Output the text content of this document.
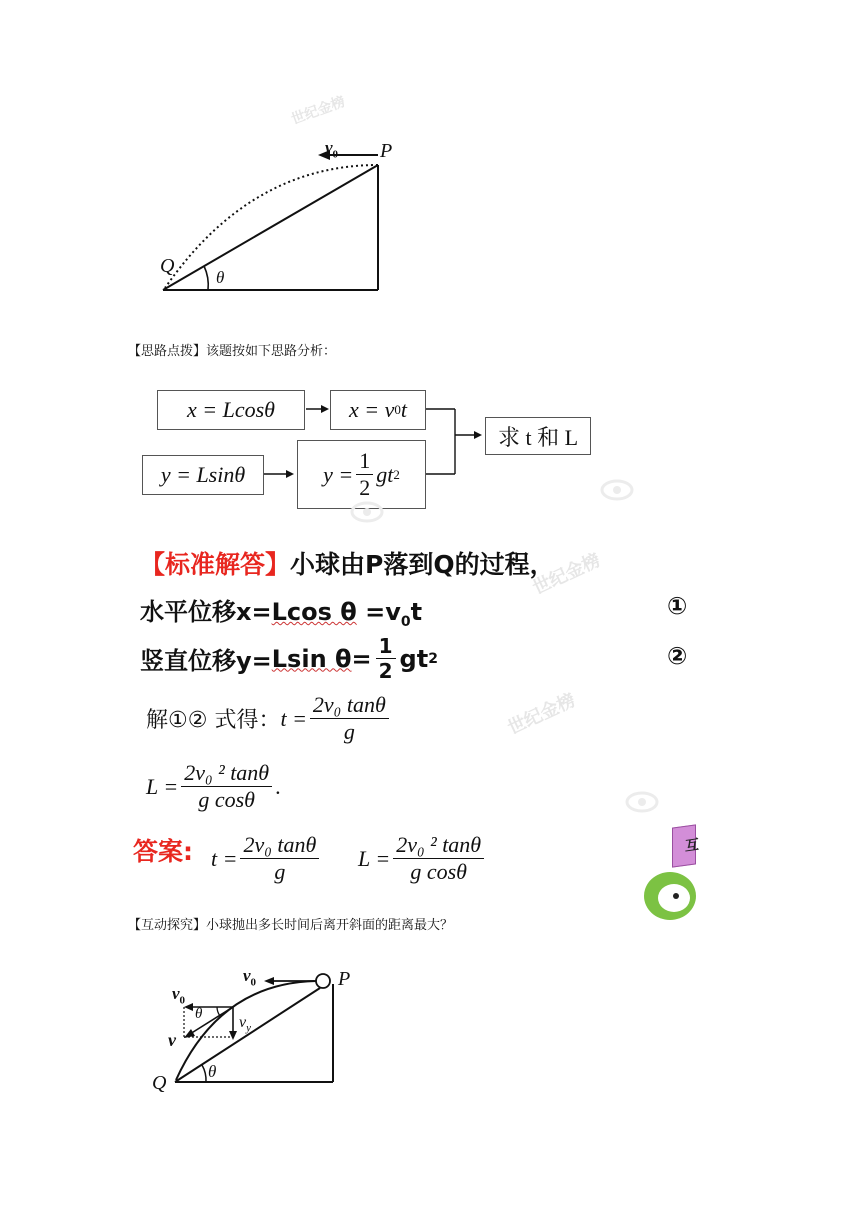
$v_0$ P
Q
θ
世纪金榜
【思路点拨】该题按如下思路分析：
x = Lcosθ	x = v 0 t
y = Lsinθ	$y = \frac{1}{2}$ gt 2
求 t 和 L
【标准解答】小球由P落到Q的过程，
世纪金榜
水平位移x=Lcos $\theta =v_0t$	①
竖直位移y= Lsin $\theta = \frac{1}{2}$ gt 2	②
解①② 式得： $t = \frac{\text{2v₀ tanθ}}{g}$	世纪金榜
$L = \frac{\text{2v₀ ² tanθ}}{\text{g cosθ}}$ .
答案: $t = \frac{\text{2v₀ tanθ}}{g}$ $L = \frac{\text{2v₀ ² tanθ}}{\text{g cosθ}}$	互
【互动探究】小球抛出多长时间后离开斜面的距离最大？
$v_0$	P
$v_0$
θ $v_y$
v
Q
θ
